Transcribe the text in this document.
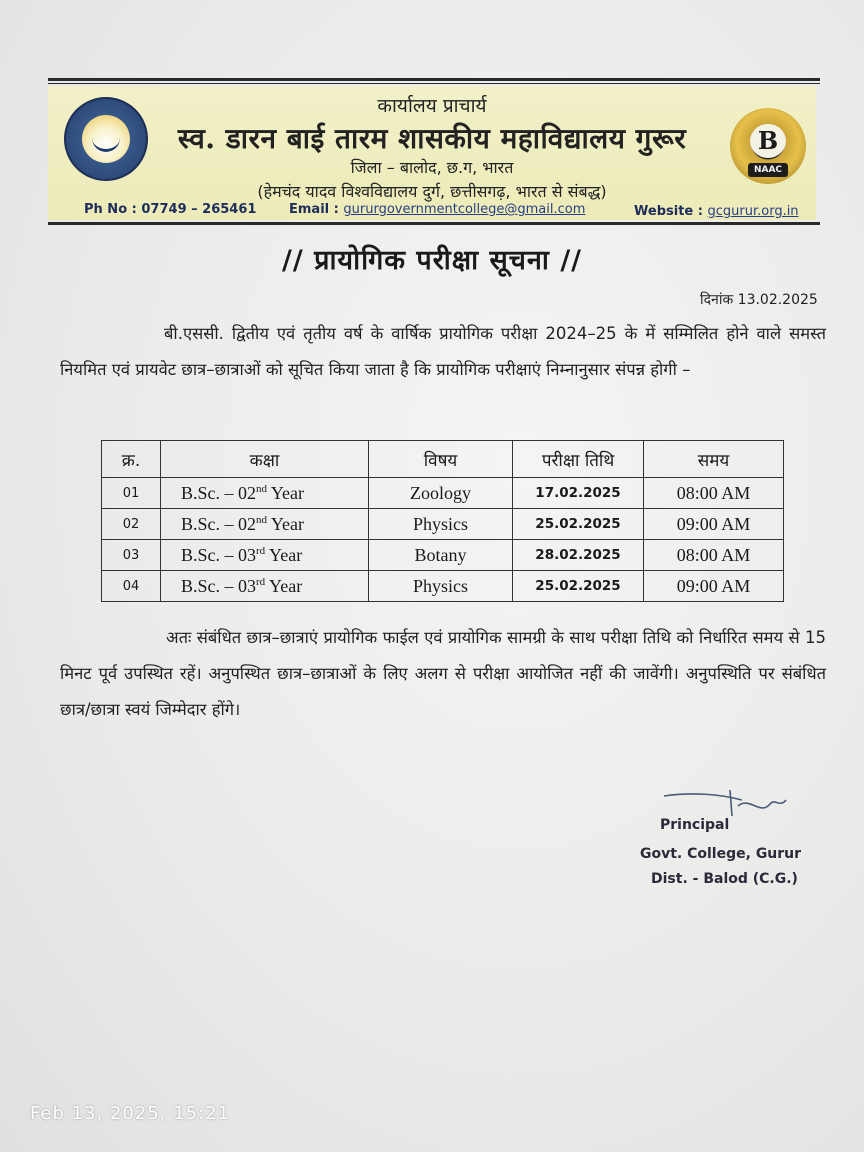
B
NAAC
कार्यालय प्राचार्य
स्व. डारन बाई तारम शासकीय महाविद्यालय गुरूर
जिला – बालोद, छ.ग, भारत
(हेमचंद यादव विश्वविद्यालय दुर्ग, छत्तीसगढ़, भारत से संबद्ध)
Ph No : 07749 – 265461	Email : gururgovernmentcollege@gmail.com	Website : gcgurur.org.in
// प्रायोगिक परीक्षा सूचना //
दिनांक 13.02.2025
बी.एससी. द्वितीय एवं तृतीय वर्ष के वार्षिक प्रायोगिक परीक्षा 2024–25 के में सम्मिलित होने वाले समस्त नियमित एवं प्रायवेट छात्र–छात्राओं को सूचित किया जाता है कि प्रायोगिक परीक्षाएं निम्नानुसार संपन्न होगी –
क्र.	कक्षा	विषय	परीक्षा तिथि	समय
01	B.Sc. – 02nd Year	Zoology	17.02.2025	08:00 AM
02	B.Sc. – 02nd Year	Physics	25.02.2025	09:00 AM
03	B.Sc. – 03rd Year	Botany	28.02.2025	08:00 AM
04	B.Sc. – 03rd Year	Physics	25.02.2025	09:00 AM
अतः संबंधित छात्र–छात्राएं प्रायोगिक फाईल एवं प्रायोगिक सामग्री के साथ परीक्षा तिथि को निर्धारित समय से 15 मिनट पूर्व उपस्थित रहें। अनुपस्थित छात्र–छात्राओं के लिए अलग से परीक्षा आयोजित नहीं की जावेंगी। अनुपस्थिति पर संबंधित छात्र/छात्रा स्वयं जिम्मेदार होंगे।
Principal
Govt. College, Gurur
Dist. - Balod (C.G.)
Feb 13, 2025, 15:21
